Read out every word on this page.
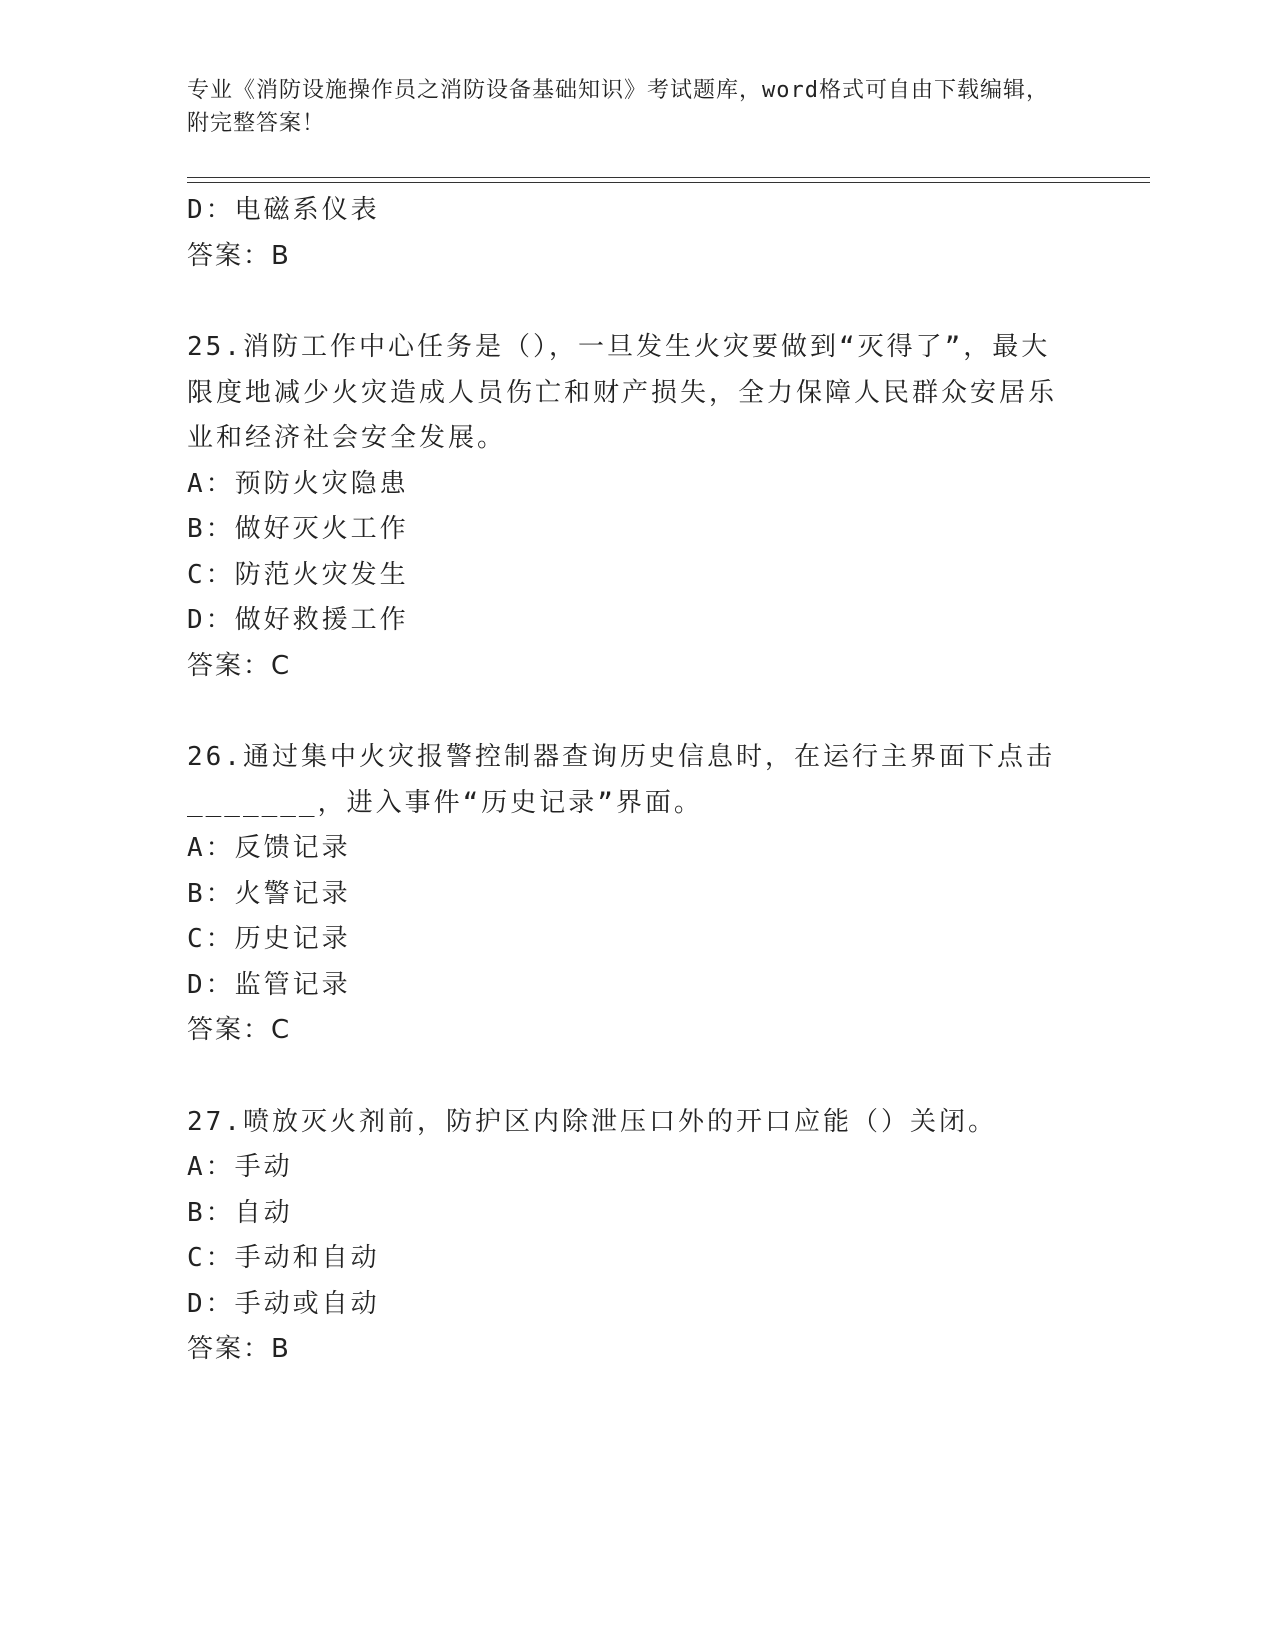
专业《消防设施操作员之消防设备基础知识》考试题库，word格式可自由下载编辑，附完整答案！
D：电磁系仪表
答案：B
25.消防工作中心任务是（），一旦发生火灾要做到“灭得了”，最大限度地减少火灾造成人员伤亡和财产损失，全力保障人民群众安居乐业和经济社会安全发展。
A：预防火灾隐患
B：做好灭火工作
C：防范火灾发生
D：做好救援工作
答案：C
26.通过集中火灾报警控制器查询历史信息时，在运行主界面下点击_______，进入事件“历史记录”界面。
A：反馈记录
B：火警记录
C：历史记录
D：监管记录
答案：C
27.喷放灭火剂前，防护区内除泄压口外的开口应能（）关闭。
A：手动
B：自动
C：手动和自动
D：手动或自动
答案：B
